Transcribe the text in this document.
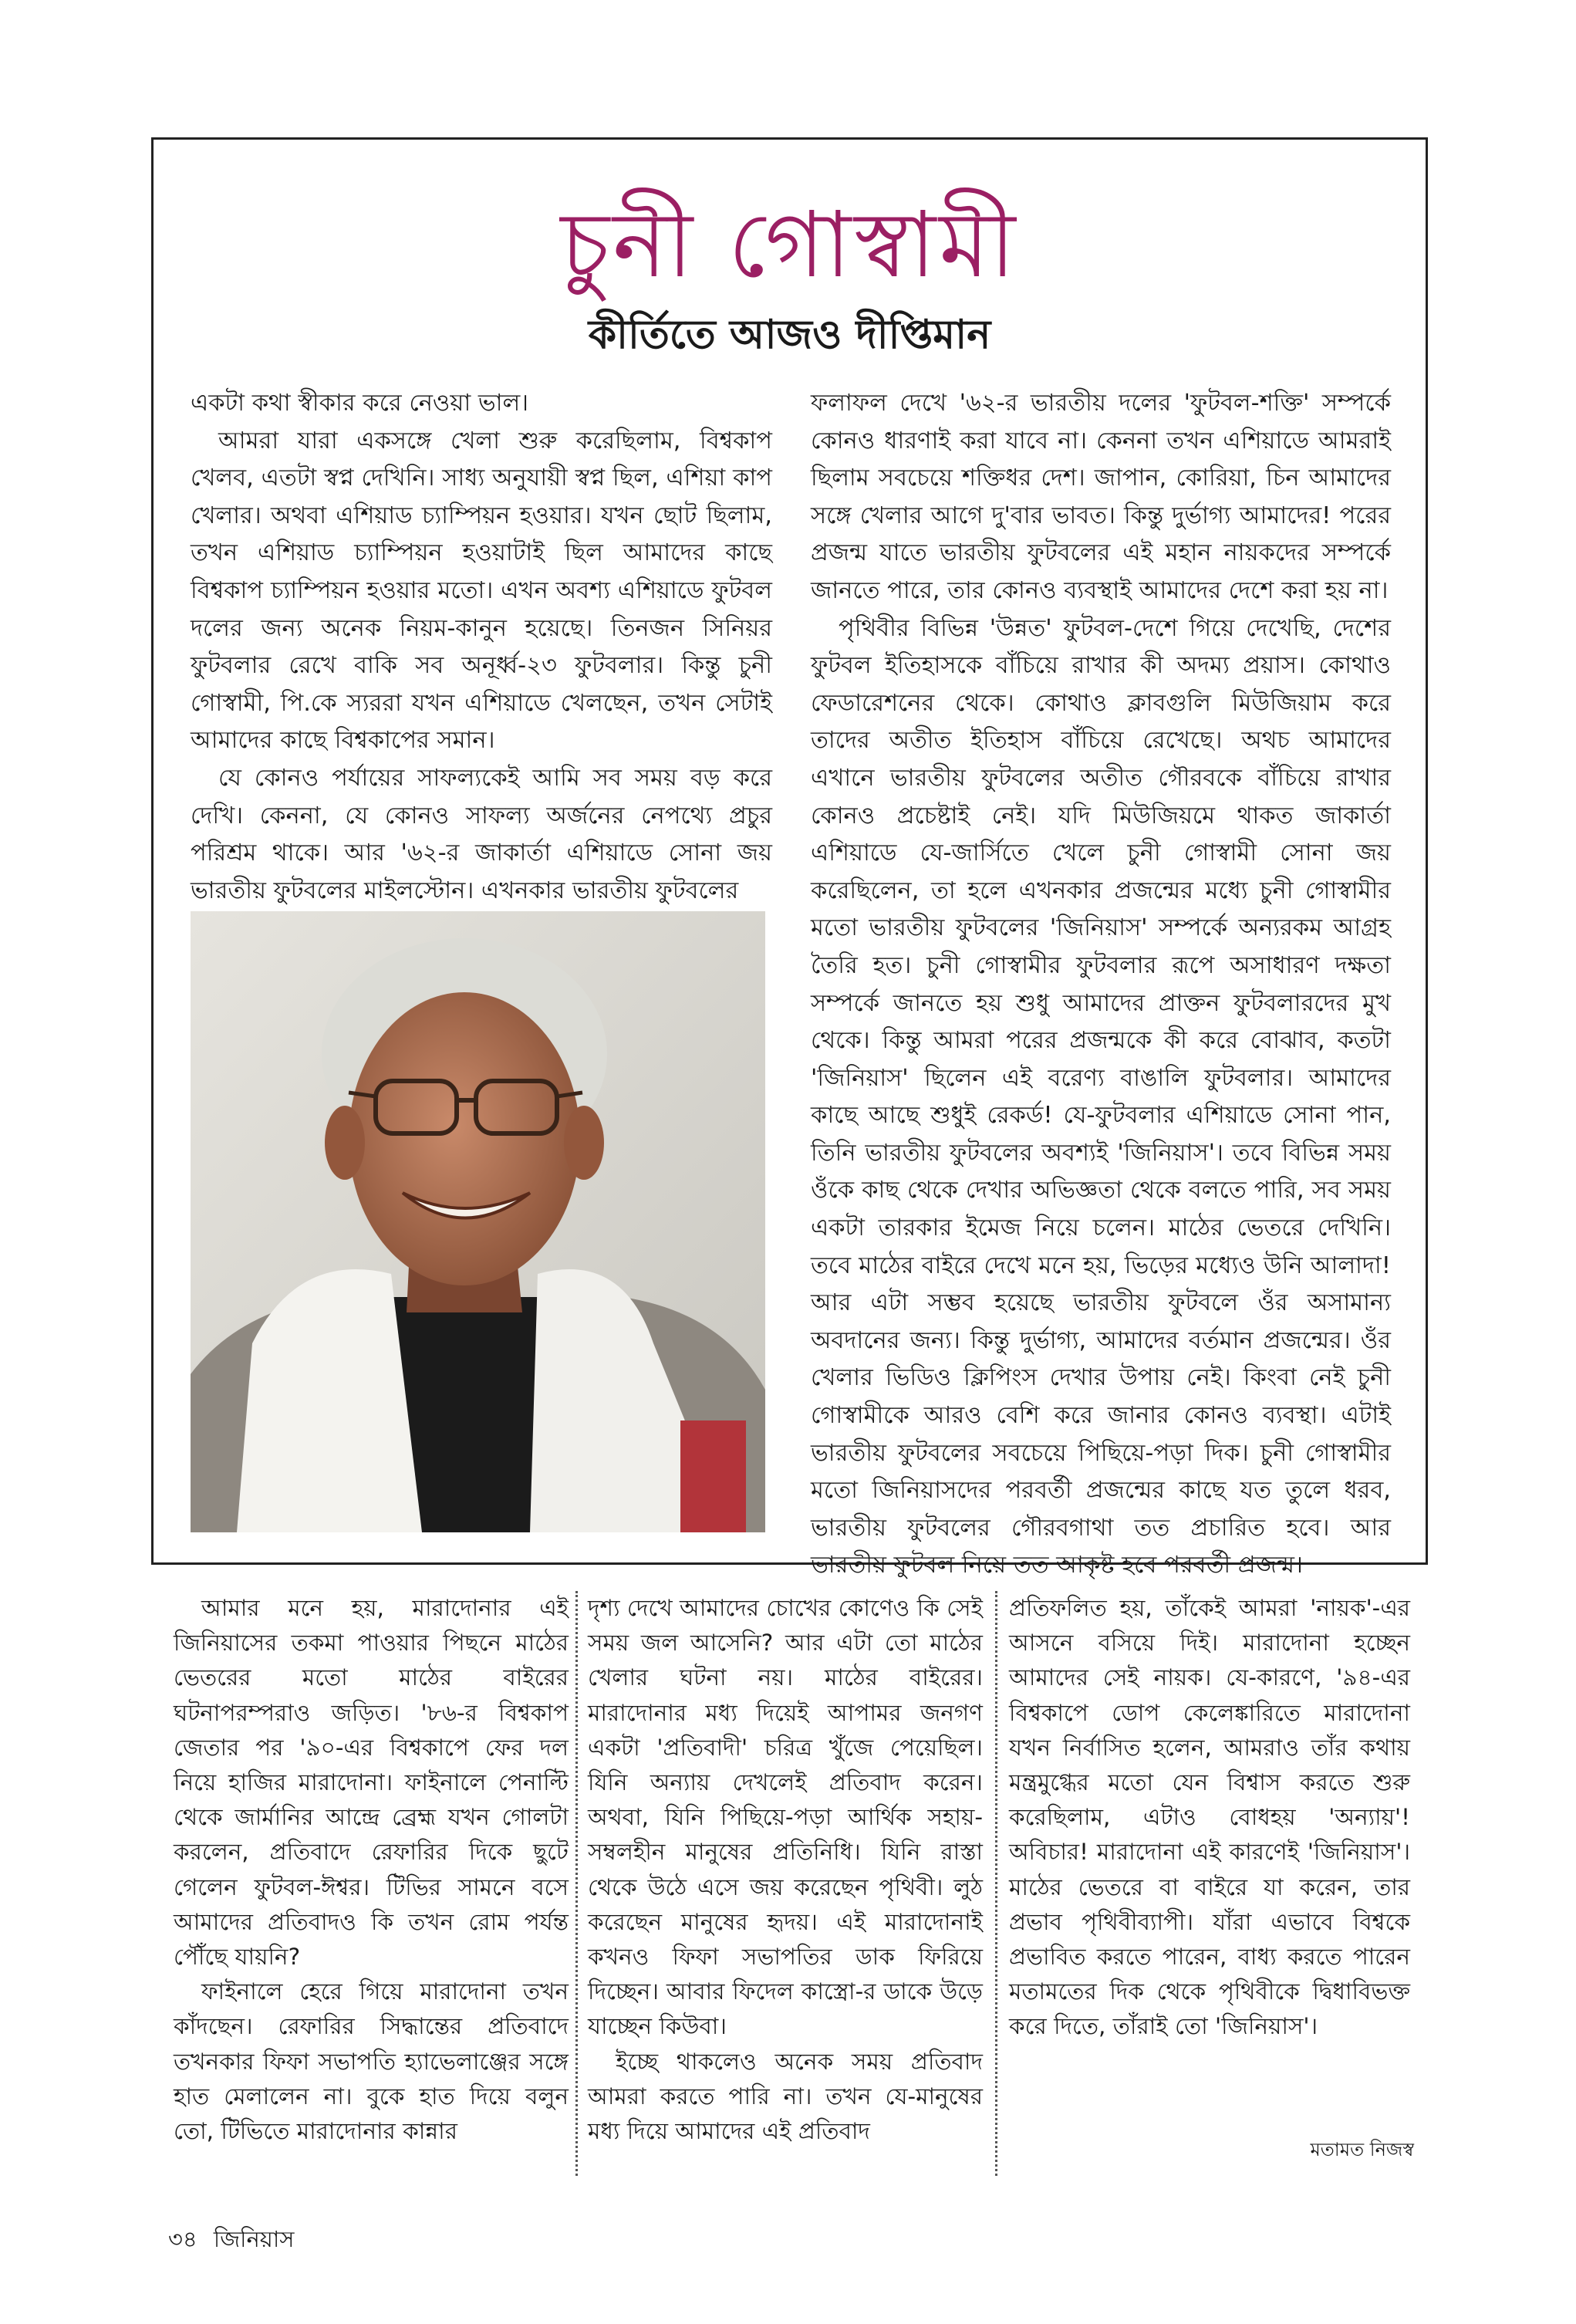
চুনী গোস্বামী
কীর্তিতে আজও দীপ্তিমান

একটা কথা স্বীকার করে নেওয়া ভাল।

আমরা যারা একসঙ্গে খেলা শুরু করেছিলাম, বিশ্বকাপ খেলব, এতটা স্বপ্ন দেখিনি। সাধ্য অনুযায়ী স্বপ্ন ছিল, এশিয়া কাপ খেলার। অথবা এশিয়াড চ্যাম্পিয়ন হওয়ার। যখন ছোট ছিলাম, তখন এশিয়াড চ্যাম্পিয়ন হওয়াটাই ছিল আমাদের কাছে বিশ্বকাপ চ্যাম্পিয়ন হওয়ার মতো। এখন অবশ্য এশিয়াডে ফুটবল দলের জন্য অনেক নিয়ম-কানুন হয়েছে। তিনজন সিনিয়র ফুটবলার রেখে বাকি সব অনূর্ধ্ব-২৩ ফুটবলার। কিন্তু চুনী গোস্বামী, পি.কে স্যররা যখন এশিয়াডে খেলছেন, তখন সেটাই আমাদের কাছে বিশ্বকাপের সমান।

যে কোনও পর্যায়ের সাফল্যকেই আমি সব সময় বড় করে দেখি। কেননা, যে কোনও সাফল্য অর্জনের নেপথ্যে প্রচুর পরিশ্রম থাকে। আর '৬২-র জাকার্তা এশিয়াডে সোনা জয় ভারতীয় ফুটবলের মাইলস্টোন। এখনকার ভারতীয় ফুটবলের

ফলাফল দেখে '৬২-র ভারতীয় দলের 'ফুটবল-শক্তি' সম্পর্কে কোনও ধারণাই করা যাবে না। কেননা তখন এশিয়াডে আমরাই ছিলাম সবচেয়ে শক্তিধর দেশ। জাপান, কোরিয়া, চিন আমাদের সঙ্গে খেলার আগে দু'বার ভাবত। কিন্তু দুর্ভাগ্য আমাদের! পরের প্রজন্ম যাতে ভারতীয় ফুটবলের এই মহান নায়কদের সম্পর্কে জানতে পারে, তার কোনও ব্যবস্থাই আমাদের দেশে করা হয় না।

পৃথিবীর বিভিন্ন 'উন্নত' ফুটবল-দেশে গিয়ে দেখেছি, দেশের ফুটবল ইতিহাসকে বাঁচিয়ে রাখার কী অদম্য প্রয়াস। কোথাও ফেডারেশনের থেকে। কোথাও ক্লাবগুলি মিউজিয়াম করে তাদের অতীত ইতিহাস বাঁচিয়ে রেখেছে। অথচ আমাদের এখানে ভারতীয় ফুটবলের অতীত গৌরবকে বাঁচিয়ে রাখার কোনও প্রচেষ্টাই নেই। যদি মিউজিয়মে থাকত জাকার্তা এশিয়াডে যে-জার্সিতে খেলে চুনী গোস্বামী সোনা জয় করেছিলেন, তা হলে এখনকার প্রজন্মের মধ্যে চুনী গোস্বামীর মতো ভারতীয় ফুটবলের 'জিনিয়াস' সম্পর্কে অন্যরকম আগ্রহ তৈরি হত। চুনী গোস্বামীর ফুটবলার রূপে অসাধারণ দক্ষতা সম্পর্কে জানতে হয় শুধু আমাদের প্রাক্তন ফুটবলারদের মুখ থেকে। কিন্তু আমরা পরের প্রজন্মকে কী করে বোঝাব, কতটা 'জিনিয়াস' ছিলেন এই বরেণ্য বাঙালি ফুটবলার। আমাদের কাছে আছে শুধুই রেকর্ড! যে-ফুটবলার এশিয়াডে সোনা পান, তিনি ভারতীয় ফুটবলের অবশ্যই 'জিনিয়াস'। তবে বিভিন্ন সময় ওঁকে কাছ থেকে দেখার অভিজ্ঞতা থেকে বলতে পারি, সব সময় একটা তারকার ইমেজ নিয়ে চলেন। মাঠের ভেতরে দেখিনি। তবে মাঠের বাইরে দেখে মনে হয়, ভিড়ের মধ্যেও উনি আলাদা! আর এটা সম্ভব হয়েছে ভারতীয় ফুটবলে ওঁর অসামান্য অবদানের জন্য। কিন্তু দুর্ভাগ্য, আমাদের বর্তমান প্রজন্মের। ওঁর খেলার ভিডিও ক্লিপিংস দেখার উপায় নেই। কিংবা নেই চুনী গোস্বামীকে আরও বেশি করে জানার কোনও ব্যবস্থা। এটাই ভারতীয় ফুটবলের সবচেয়ে পিছিয়ে-পড়া দিক। চুনী গোস্বামীর মতো জিনিয়াসদের পরবর্তী প্রজন্মের কাছে যত তুলে ধরব, ভারতীয় ফুটবলের গৌরবগাথা তত প্রচারিত হবে। আর ভারতীয় ফুটবল নিয়ে তত আকৃষ্ট হবে পরবর্তী প্রজন্ম।

আমার মনে হয়, মারাদোনার এই জিনিয়াসের তকমা পাওয়ার পিছনে মাঠের ভেতরের মতো মাঠের বাইরের ঘটনাপরম্পরাও জড়িত। '৮৬-র বিশ্বকাপ জেতার পর '৯০-এর বিশ্বকাপে ফের দল নিয়ে হাজির মারাদোনা। ফাইনালে পেনাল্টি থেকে জার্মানির আন্দ্রে ব্রেহ্ম যখন গোলটা করলেন, প্রতিবাদে রেফারির দিকে ছুটে গেলেন ফুটবল-ঈশ্বর। টিভির সামনে বসে আমাদের প্রতিবাদও কি তখন রোম পর্যন্ত পৌঁছে যায়নি?

ফাইনালে হেরে গিয়ে মারাদোনা তখন কাঁদছেন। রেফারির সিদ্ধান্তের প্রতিবাদে তখনকার ফিফা সভাপতি হ্যাভেলাঞ্জের সঙ্গে হাত মেলালেন না। বুকে হাত দিয়ে বলুন তো, টিভিতে মারাদোনার কান্নার

দৃশ্য দেখে আমাদের চোখের কোণেও কি সেই সময় জল আসেনি? আর এটা তো মাঠের খেলার ঘটনা নয়। মাঠের বাইরের। মারাদোনার মধ্য দিয়েই আপামর জনগণ একটা 'প্রতিবাদী' চরিত্র খুঁজে পেয়েছিল। যিনি অন্যায় দেখলেই প্রতিবাদ করেন। অথবা, যিনি পিছিয়ে-পড়া আর্থিক সহায়-সম্বলহীন মানুষের প্রতিনিধি। যিনি রাস্তা থেকে উঠে এসে জয় করেছেন পৃথিবী। লুঠ করেছেন মানুষের হৃদয়। এই মারাদোনাই কখনও ফিফা সভাপতির ডাক ফিরিয়ে দিচ্ছেন। আবার ফিদেল কাস্ত্রো-র ডাকে উড়ে যাচ্ছেন কিউবা।

ইচ্ছে থাকলেও অনেক সময় প্রতিবাদ আমরা করতে পারি না। তখন যে-মানুষের মধ্য দিয়ে আমাদের এই প্রতিবাদ

প্রতিফলিত হয়, তাঁকেই আমরা 'নায়ক'-এর আসনে বসিয়ে দিই। মারাদোনা হচ্ছেন আমাদের সেই নায়ক। যে-কারণে, '৯৪-এর বিশ্বকাপে ডোপ কেলেঙ্কারিতে মারাদোনা যখন নির্বাসিত হলেন, আমরাও তাঁর কথায় মন্ত্রমুগ্ধের মতো যেন বিশ্বাস করতে শুরু করেছিলাম, এটাও বোধহয় 'অন্যায়'! অবিচার! মারাদোনা এই কারণেই 'জিনিয়াস'। মাঠের ভেতরে বা বাইরে যা করেন, তার প্রভাব পৃথিবীব্যাপী। যাঁরা এভাবে বিশ্বকে প্রভাবিত করতে পারেন, বাধ্য করতে পারেন মতামতের দিক থেকে পৃথিবীকে দ্বিধাবিভক্ত করে দিতে, তাঁরাই তো 'জিনিয়াস'।

মতামত নিজস্ব
৩৪ জিনিয়াস
